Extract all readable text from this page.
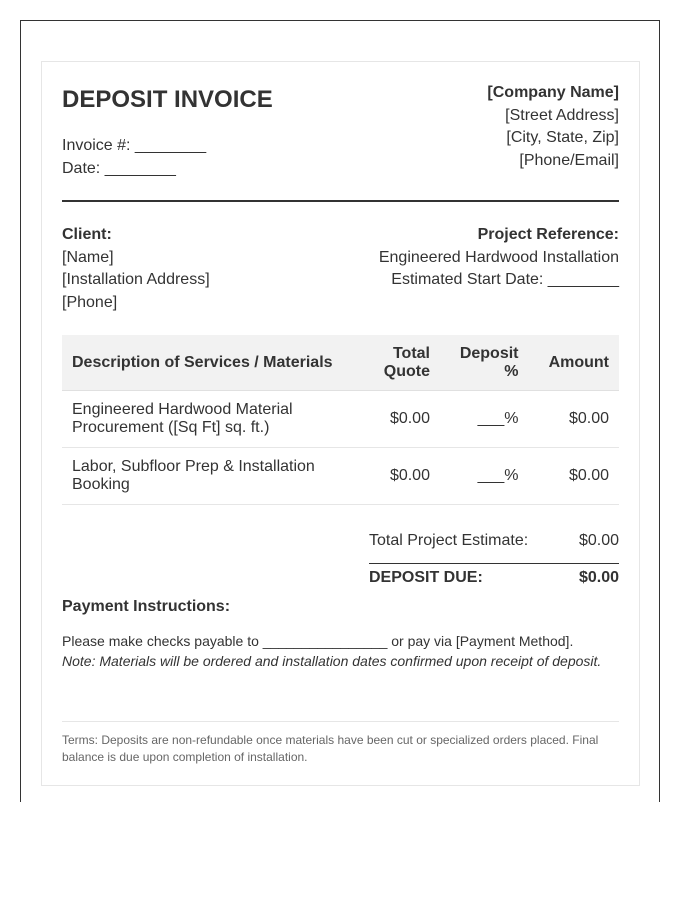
DEPOSIT INVOICE
Invoice #: ________
Date: ________
[Company Name]
[Street Address]
[City, State, Zip]
[Phone/Email]
Client:
[Name]
[Installation Address]
[Phone]
Project Reference:
Engineered Hardwood Installation
Estimated Start Date: ________
Description of Services / Materials	Total Quote	Deposit %	Amount
Engineered Hardwood Material Procurement ([Sq Ft] sq. ft.)	$0.00	___%	$0.00
Labor, Subfloor Prep & Installation Booking	$0.00	___%	$0.00
Total Project Estimate:	$0.00
DEPOSIT DUE:	$0.00

Payment Instructions:

Please make checks payable to ________________ or pay via [Payment Method].
Note: Materials will be ordered and installation dates confirmed upon receipt of deposit.
Terms: Deposits are non-refundable once materials have been cut or specialized orders placed. Final balance is due upon completion of installation.
